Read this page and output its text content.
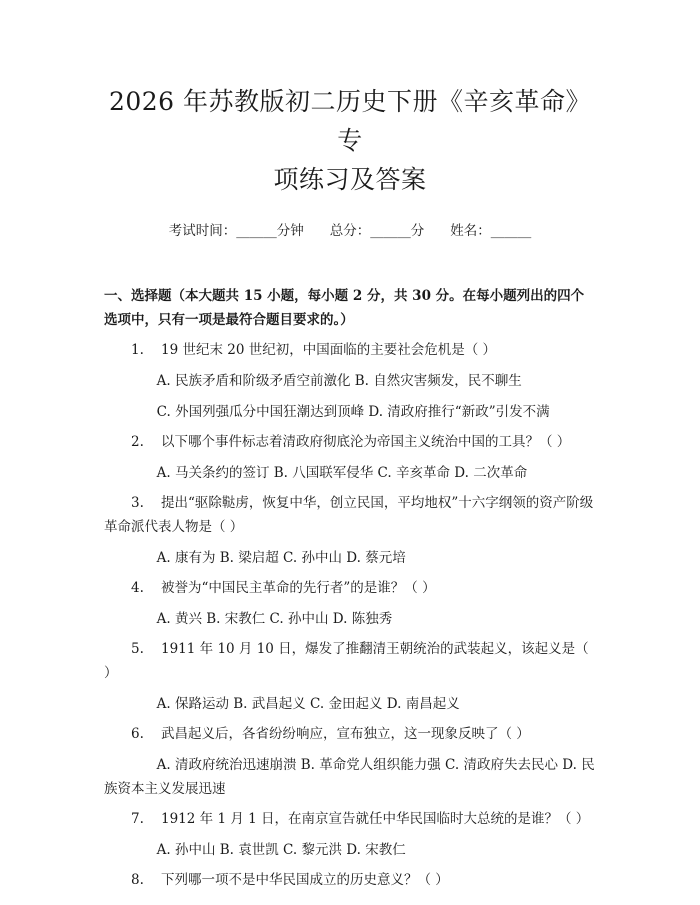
2026 年苏教版初二历史下册《辛亥革命》专
项练习及答案
考试时间：______分钟 总分：______分 姓名：______
一、选择题（本大题共 15 小题，每小题 2 分，共 30 分。在每小题列出的四个选项中，只有一项是最符合题目要求的。）

1. 19 世纪末 20 世纪初，中国面临的主要社会危机是（ ）

A. 民族矛盾和阶级矛盾空前激化 B. 自然灾害频发，民不聊生

C. 外国列强瓜分中国狂潮达到顶峰 D. 清政府推行“新政”引发不满

2. 以下哪个事件标志着清政府彻底沦为帝国主义统治中国的工具？（ ）

A. 马关条约的签订 B. 八国联军侵华 C. 辛亥革命 D. 二次革命

3. 提出“驱除鞑虏，恢复中华，创立民国，平均地权”十六字纲领的资产阶级革命派代表人物是（ ）

A. 康有为 B. 梁启超 C. 孙中山 D. 蔡元培

4. 被誉为“中国民主革命的先行者”的是谁？（ ）

A. 黄兴 B. 宋教仁 C. 孙中山 D. 陈独秀

5. 1911 年 10 月 10 日，爆发了推翻清王朝统治的武装起义，该起义是（ ）

A. 保路运动 B. 武昌起义 C. 金田起义 D. 南昌起义

6. 武昌起义后，各省纷纷响应，宣布独立，这一现象反映了（ ）

A. 清政府统治迅速崩溃 B. 革命党人组织能力强 C. 清政府失去民心 D. 民族资本主义发展迅速

7. 1912 年 1 月 1 日，在南京宣告就任中华民国临时大总统的是谁？（ ）

A. 孙中山 B. 袁世凯 C. 黎元洪 D. 宋教仁

8. 下列哪一项不是中华民国成立的历史意义？（ ）
